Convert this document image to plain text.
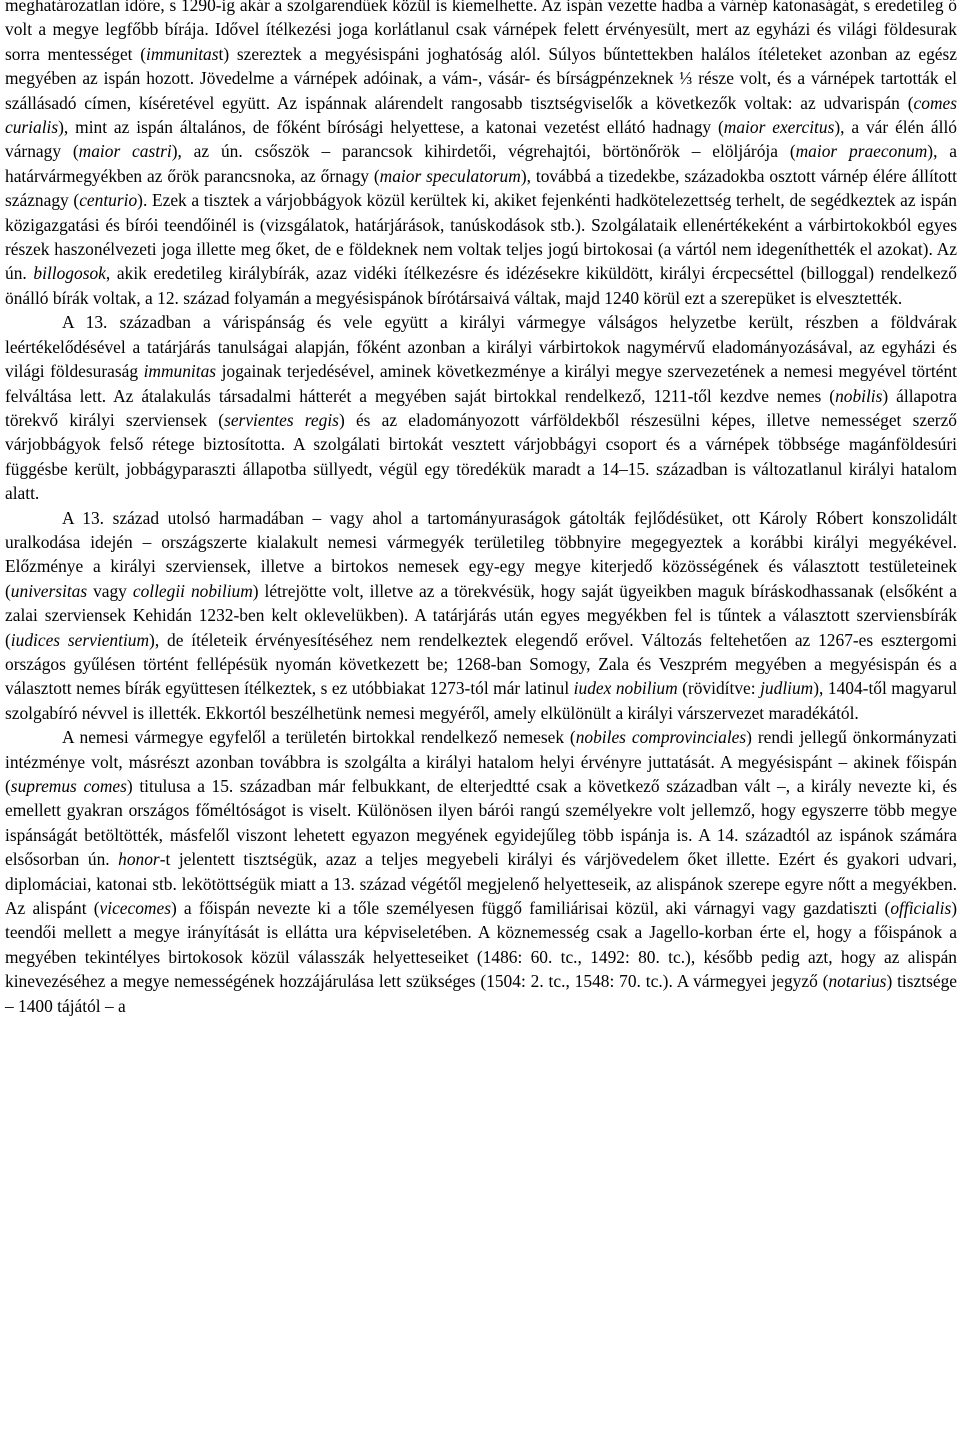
meghatározatlan időre, s 1290-ig akár a szolgarendűek közül is kiemelhette. Az ispán vezette hadba a várnép katonaságát, s eredetileg ő volt a megye legfőbb bírája. Idővel ítélkezési joga korlátlanul csak várnépek felett érvényesült, mert az egyházi és világi földesurak sorra mentességet (immunitast) szereztek a megyésispáni joghatóság alól. Súlyos bűntettekben halálos ítéleteket azonban az egész megyében az ispán hozott. Jövedelme a várnépek adóinak, a vám-, vásár- és bírságpénzeknek ⅓ része volt, és a várnépek tartották el szállásadó címen, kíséretével együtt. Az ispánnak alárendelt rangosabb tisztségviselők a következők voltak: az udvarispán (comes curialis), mint az ispán általános, de főként bírósági helyettese, a katonai vezetést ellátó hadnagy (maior exercitus), a vár élén álló várnagy (maior castri), az ún. csőszök – parancsok kihirdetői, végrehajtói, börtönőrök – elöljárója (maior praeconum), a határvármegyékben az őrök parancsnoka, az őrnagy (maior speculatorum), továbbá a tizedekbe, századokba osztott várnép élére állított száznagy (centurio). Ezek a tisztek a várjobbágyok közül kerültek ki, akiket fejenkénti hadkötelezettség terhelt, de segédkeztek az ispán közigazgatási és bírói teendőinél is (vizsgálatok, határjárások, tanúskodások stb.). Szolgálataik ellenértékeként a várbirtokokból egyes részek haszonélvezeti joga illette meg őket, de e földeknek nem voltak teljes jogú birtokosai (a vártól nem idegeníthették el azokat). Az ún. billogosok, akik eredetileg királybírák, azaz vidéki ítélkezésre és idézésekre kiküldött, királyi ércpecséttel (billoggal) rendelkező önálló bírák voltak, a 12. század folyamán a megyésispánok bírótársaivá váltak, majd 1240 körül ezt a szerepüket is elvesztették.

A 13. században a várispánság és vele együtt a királyi vármegye válságos helyzetbe került, részben a földvárak leértékelődésével a tatárjárás tanulságai alapján, főként azonban a királyi várbirtokok nagymérvű eladományozásával, az egyházi és világi földesuraság immunitas jogainak terjedésével, aminek következménye a királyi megye szervezetének a nemesi megyével történt felváltása lett. Az átalakulás társadalmi hátterét a megyében saját birtokkal rendelkező, 1211-től kezdve nemes (nobilis) állapotra törekvő királyi szerviensek (servientes regis) és az eladományozott várföldekből részesülni képes, illetve nemességet szerző várjobbágyok felső rétege biztosította. A szolgálati birtokát vesztett várjobbágyi csoport és a várnépek többsége magánföldesúri függésbe került, jobbágyparaszti állapotba süllyedt, végül egy töredékük maradt a 14–15. században is változatlanul királyi hatalom alatt.

A 13. század utolsó harmadában – vagy ahol a tartományuraságok gátolták fejlődésüket, ott Károly Róbert konszolidált uralkodása idején – országszerte kialakult nemesi vármegyék területileg többnyire megegyeztek a korábbi királyi megyékével. Előzménye a királyi szerviensek, illetve a birtokos nemesek egy-egy megye kiterjedő közösségének és választott testületeinek (universitas vagy collegii nobilium) létrejötte volt, illetve az a törekvésük, hogy saját ügyeikben maguk bíráskodhassanak (elsőként a zalai szerviensek Kehidán 1232-ben kelt oklevelükben). A tatárjárás után egyes megyékben fel is tűntek a választott szerviensbírák (iudices servientium), de ítéleteik érvényesítéséhez nem rendelkeztek elegendő erővel. Változás feltehetően az 1267-es esztergomi országos gyűlésen történt fellépésük nyomán következett be; 1268-ban Somogy, Zala és Veszprém megyében a megyésispán és a választott nemes bírák együttesen ítélkeztek, s ez utóbbiakat 1273-tól már latinul iudex nobilium (rövidítve: judlium), 1404-től magyarul szolgabíró névvel is illették. Ekkortól beszélhetünk nemesi megyéről, amely elkülönült a királyi várszervezet maradékától.

A nemesi vármegye egyfelől a területén birtokkal rendelkező nemesek (nobiles comprovinciales) rendi jellegű önkormányzati intézménye volt, másrészt azonban továbbra is szolgálta a királyi hatalom helyi érvényre juttatását. A megyésispánt – akinek főispán (supremus comes) titulusa a 15. században már felbukkant, de elterjedtté csak a következő században vált –, a király nevezte ki, és emellett gyakran országos főméltóságot is viselt. Különösen ilyen bárói rangú személyekre volt jellemző, hogy egyszerre több megye ispánságát betöltötték, másfelől viszont lehetett egyazon megyének egyidejűleg több ispánja is. A 14. századtól az ispánok számára elsősorban ún. honor-t jelentett tisztségük, azaz a teljes megyebeli királyi és várjövedelem őket illette. Ezért és gyakori udvari, diplomáciai, katonai stb. lekötöttségük miatt a 13. század végétől megjelenő helyetteseik, az alispánok szerepe egyre nőtt a megyékben. Az alispánt (vicecomes) a főispán nevezte ki a tőle személyesen függő familiárisai közül, aki várnagyi vagy gazdatiszti (officialis) teendői mellett a megye irányítását is ellátta ura képviseletében. A köznemesség csak a Jagello-korban érte el, hogy a főispánok a megyében tekintélyes birtokosok közül válasszák helyetteseiket (1486: 60. tc., 1492: 80. tc.), később pedig azt, hogy az alispán kinevezéséhez a megye nemességének hozzájárulása lett szükséges (1504: 2. tc., 1548: 70. tc.). A vármegyei jegyző (notarius) tisztsége – 1400 tájától – a
